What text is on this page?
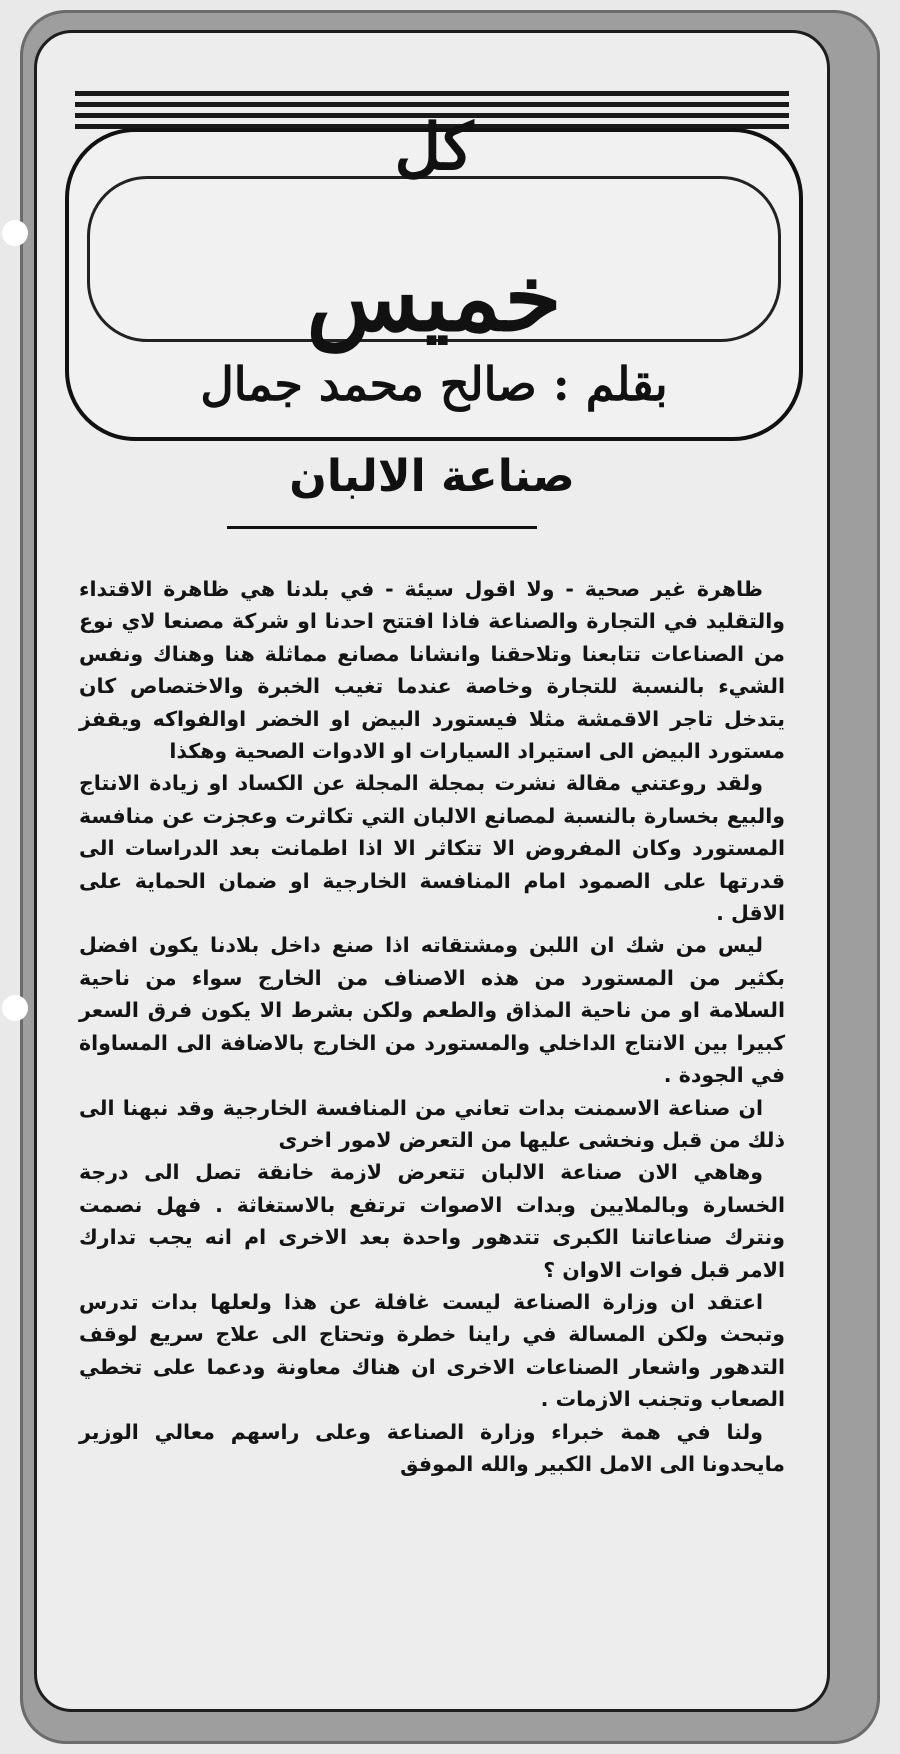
كل
خميس
بقلم : صالح محمد جمال
صناعة الالبان

ظاهرة غير صحية - ولا اقول سيئة - في بلدنا هي ظاهرة الاقتداء والتقليد في التجارة والصناعة فاذا افتتح احدنا او شركة مصنعا لاي نوع من الصناعات تتابعنا وتلاحقنا وانشانا مصانع مماثلة هنا وهناك ونفس الشيء بالنسبة للتجارة وخاصة عندما تغيب الخبرة والاختصاص كان يتدخل تاجر الاقمشة مثلا فيستورد البيض او الخضر اوالفواكه ويقفز مستورد البيض الى استيراد السيارات او الادوات الصحية وهكذا

ولقد روعتني مقالة نشرت بمجلة المجلة عن الكساد او زيادة الانتاج والبيع بخسارة بالنسبة لمصانع الالبان التي تكاثرت وعجزت عن منافسة المستورد وكان المفروض الا تتكاثر الا اذا اطمانت بعد الدراسات الى قدرتها على الصمود امام المنافسة الخارجية او ضمان الحماية على الاقل .

ليس من شك ان اللبن ومشتقاته اذا صنع داخل بلادنا يكون افضل بكثير من المستورد من هذه الاصناف من الخارج سواء من ناحية السلامة او من ناحية المذاق والطعم ولكن بشرط الا يكون فرق السعر كبيرا بين الانتاج الداخلي والمستورد من الخارج بالاضافة الى المساواة في الجودة .

ان صناعة الاسمنت بدات تعاني من المنافسة الخارجية وقد نبهنا الى ذلك من قبل ونخشى عليها من التعرض لامور اخرى

وهاهي الان صناعة الالبان تتعرض لازمة خانقة تصل الى درجة الخسارة وبالملايين وبدات الاصوات ترتفع بالاستغاثة . فهل نصمت ونترك صناعاتنا الكبرى تتدهور واحدة بعد الاخرى ام انه يجب تدارك الامر قبل فوات الاوان ؟

اعتقد ان وزارة الصناعة ليست غافلة عن هذا ولعلها بدات تدرس وتبحث ولكن المسالة في راينا خطرة وتحتاج الى علاج سريع لوقف التدهور واشعار الصناعات الاخرى ان هناك معاونة ودعما على تخطي الصعاب وتجنب الازمات .

ولنا في همة خبراء وزارة الصناعة وعلى راسهم معالي الوزير مايحدونا الى الامل الكبير والله الموفق
